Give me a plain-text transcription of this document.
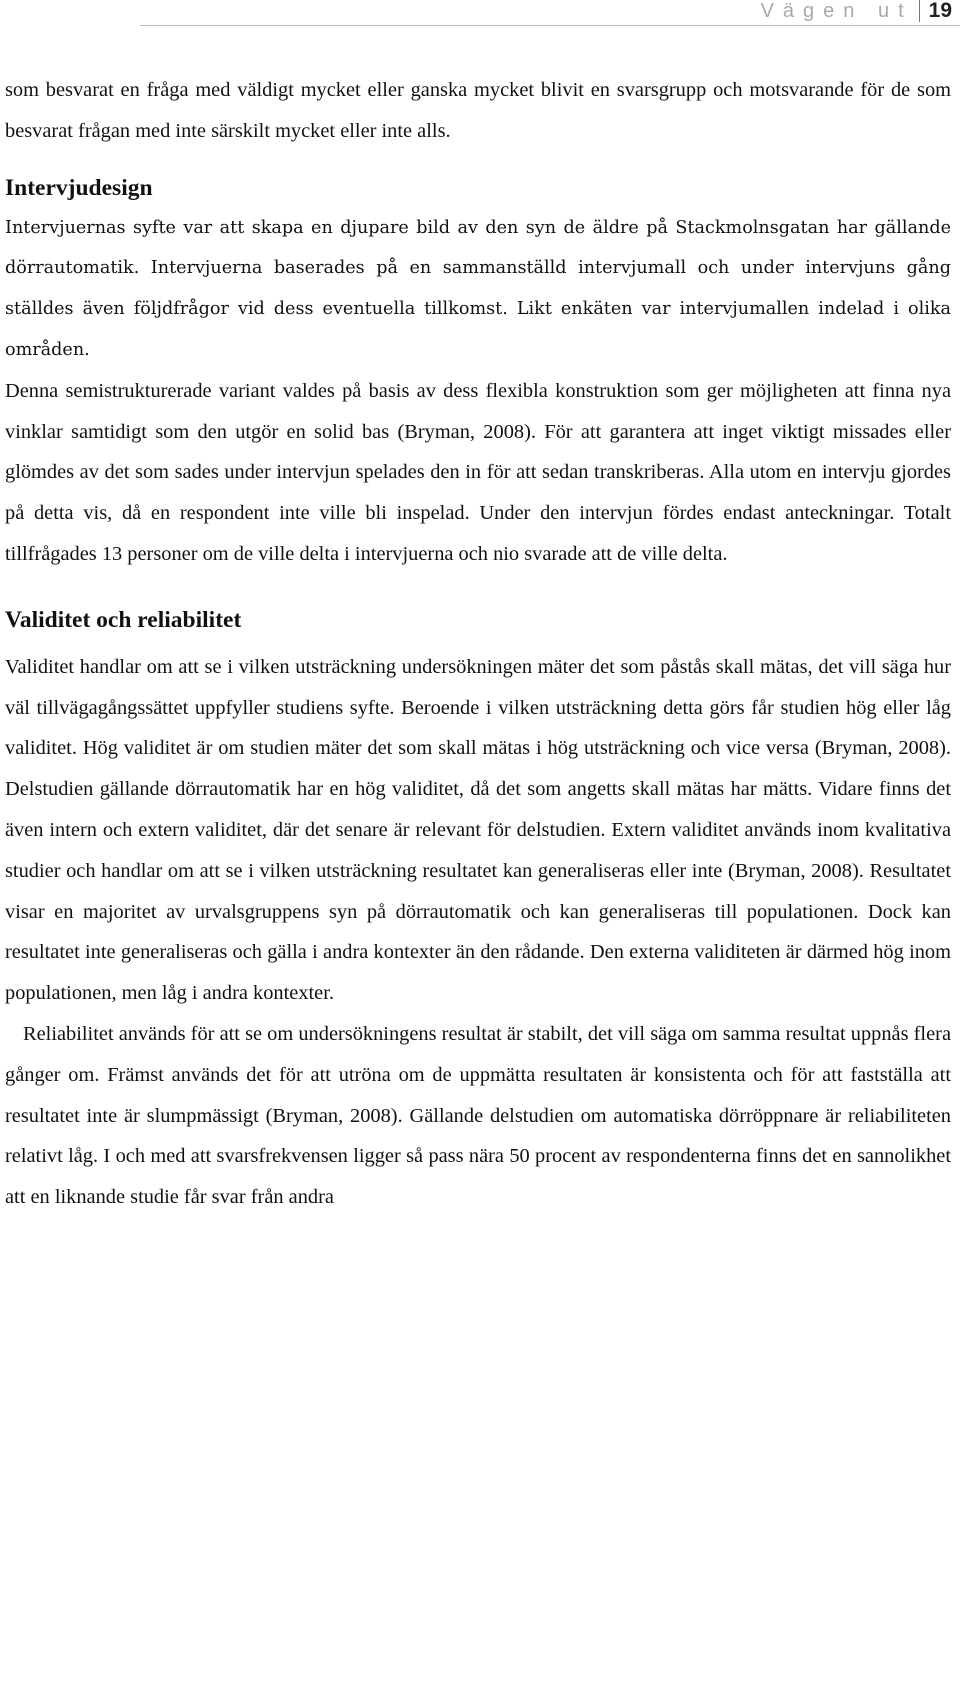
Vägen ut 19

som besvarat en fråga med väldigt mycket eller ganska mycket blivit en svarsgrupp och motsvarande för de som besvarat frågan med inte särskilt mycket eller inte alls.

Intervjudesign

Intervjuernas syfte var att skapa en djupare bild av den syn de äldre på Stackmolnsgatan har gällande dörrautomatik. Intervjuerna baserades på en sammanställd intervjumall och under intervjuns gång ställdes även följdfrågor vid dess eventuella tillkomst. Likt enkäten var intervjumallen indelad i olika områden.

Denna semistrukturerade variant valdes på basis av dess flexibla konstruktion som ger möjligheten att finna nya vinklar samtidigt som den utgör en solid bas (Bryman, 2008). För att garantera att inget viktigt missades eller glömdes av det som sades under intervjun spelades den in för att sedan transkriberas. Alla utom en intervju gjordes på detta vis, då en respondent inte ville bli inspelad. Under den intervjun fördes endast anteckningar. Totalt tillfrågades 13 personer om de ville delta i intervjuerna och nio svarade att de ville delta.

Validitet och reliabilitet

Validitet handlar om att se i vilken utsträckning undersökningen mäter det som påstås skall mätas, det vill säga hur väl tillvägagångssättet uppfyller studiens syfte. Beroende i vilken utsträckning detta görs får studien hög eller låg validitet. Hög validitet är om studien mäter det som skall mätas i hög utsträckning och vice versa (Bryman, 2008). Delstudien gällande dörrautomatik har en hög validitet, då det som angetts skall mätas har mätts. Vidare finns det även intern och extern validitet, där det senare är relevant för delstudien. Extern validitet används inom kvalitativa studier och handlar om att se i vilken utsträckning resultatet kan generaliseras eller inte (Bryman, 2008). Resultatet visar en majoritet av urvalsgruppens syn på dörrautomatik och kan generaliseras till populationen. Dock kan resultatet inte generaliseras och gälla i andra kontexter än den rådande. Den externa validiteten är därmed hög inom populationen, men låg i andra kontexter.

Reliabilitet används för att se om undersökningens resultat är stabilt, det vill säga om samma resultat uppnås flera gånger om. Främst används det för att utröna om de uppmätta resultaten är konsistenta och för att fastställa att resultatet inte är slumpmässigt (Bryman, 2008). Gällande delstudien om automatiska dörröppnare är reliabiliteten relativt låg. I och med att svarsfrekvensen ligger så pass nära 50 procent av respondenterna finns det en sannolikhet att en liknande studie får svar från andra
